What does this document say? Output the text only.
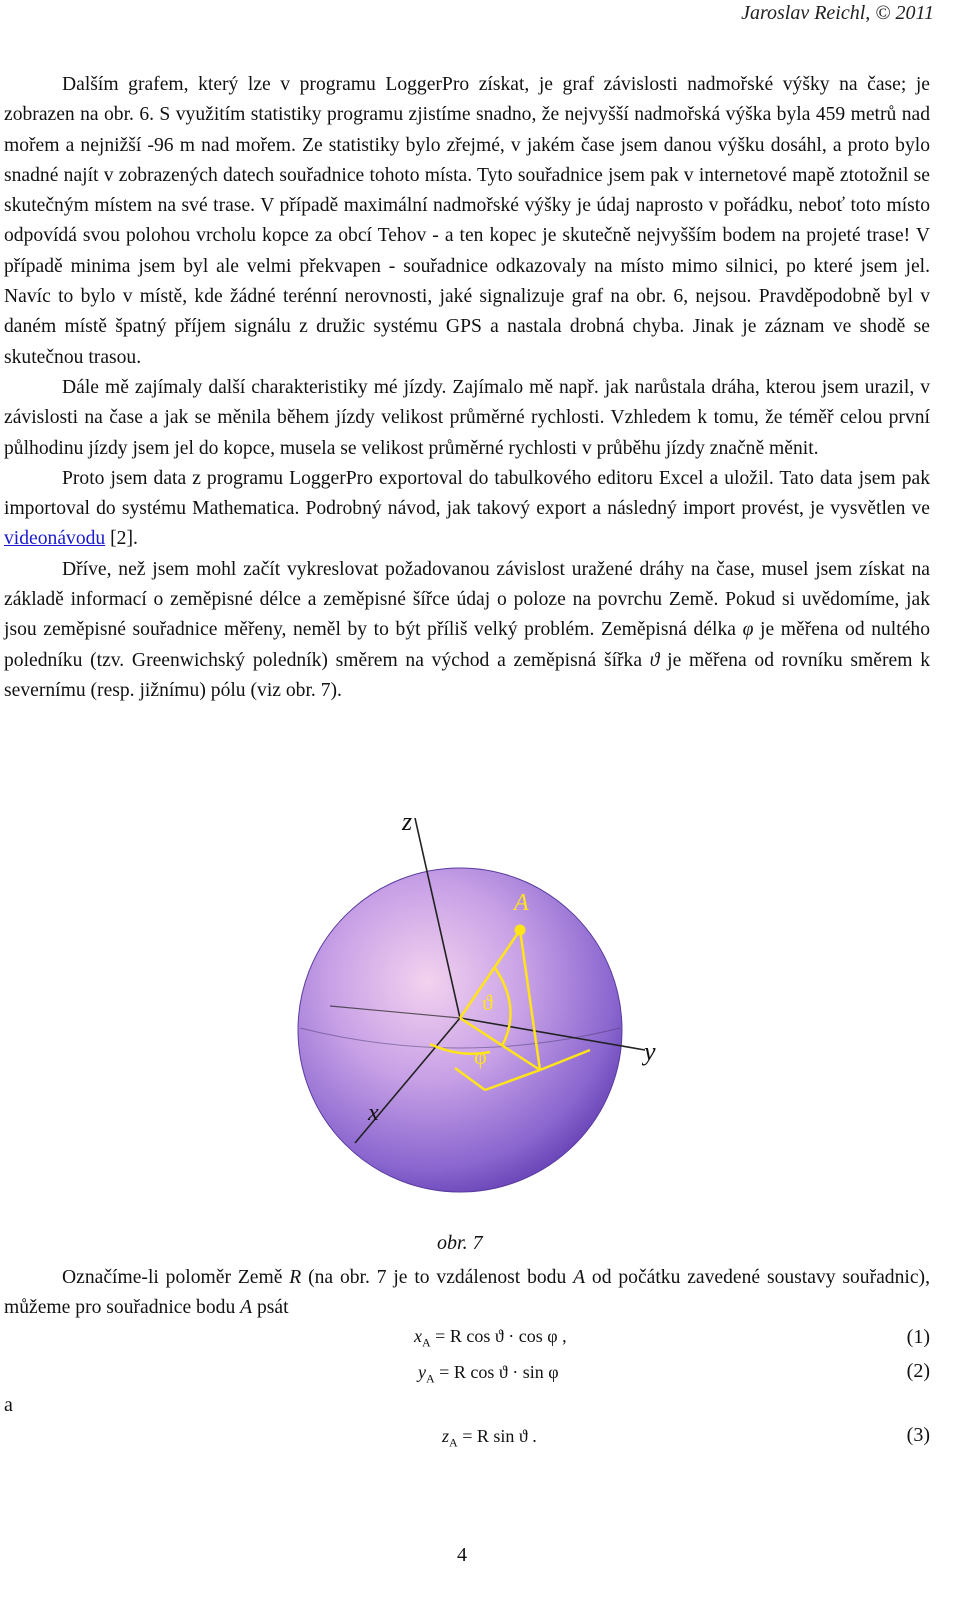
Jaroslav Reichl, © 2011

Dalším grafem, který lze v programu LoggerPro získat, je graf závislosti nadmořské výšky na čase; je zobrazen na obr. 6. S využitím statistiky programu zjistíme snadno, že nejvyšší nadmořská výška byla 459 metrů nad mořem a nejnižší -96 m nad mořem. Ze statistiky bylo zřejmé, v jakém čase jsem danou výšku dosáhl, a proto bylo snadné najít v zobrazených datech souřadnice tohoto místa. Tyto souřadnice jsem pak v internetové mapě ztotožnil se skutečným místem na své trase. V případě maximální nadmořské výšky je údaj naprosto v pořádku, neboť toto místo odpovídá svou polohou vrcholu kopce za obcí Tehov - a ten kopec je skutečně nejvyšším bodem na projeté trase! V případě minima jsem byl ale velmi překvapen - souřadnice odkazovaly na místo mimo silnici, po které jsem jel. Navíc to bylo v místě, kde žádné terénní nerovnosti, jaké signalizuje graf na obr. 6, nejsou. Pravděpodobně byl v daném místě špatný příjem signálu z družic systému GPS a nastala drobná chyba. Jinak je záznam ve shodě se skutečnou trasou.

Dále mě zajímaly další charakteristiky mé jízdy. Zajímalo mě např. jak narůstala dráha, kterou jsem urazil, v závislosti na čase a jak se měnila během jízdy velikost průměrné rychlosti. Vzhledem k tomu, že téměř celou první půlhodinu jízdy jsem jel do kopce, musela se velikost průměrné rychlosti v průběhu jízdy značně měnit.

Proto jsem data z programu LoggerPro exportoval do tabulkového editoru Excel a uložil. Tato data jsem pak importoval do systému Mathematica. Podrobný návod, jak takový export a následný import provést, je vysvětlen ve videonávodu [2].

Dříve, než jsem mohl začít vykreslovat požadovanou závislost uražené dráhy na čase, musel jsem získat na základě informací o zeměpisné délce a zeměpisné šířce údaj o poloze na povrchu Země. Pokud si uvědomíme, jak jsou zeměpisné souřadnice měřeny, neměl by to být příliš velký problém. Zeměpisná délka φ je měřena od nultého poledníku (tzv. Greenwichský poledník) směrem na východ a zeměpisná šířka ϑ je měřena od rovníku směrem k severnímu (resp. jižnímu) pólu (viz obr. 7).

z
y
x
A
ϑ
φ
obr. 7

Označíme-li poloměr Země R (na obr. 7 je to vzdálenost bodu A od počátku zavedené soustavy souřadnic), můžeme pro souřadnice bodu A psát

$x_A = R$ cos ϑ · cos φ ,	(1)
$y_A = R$ cos ϑ · sin φ	(2)
a
$z_A = R$ sin ϑ .	(3)
4
